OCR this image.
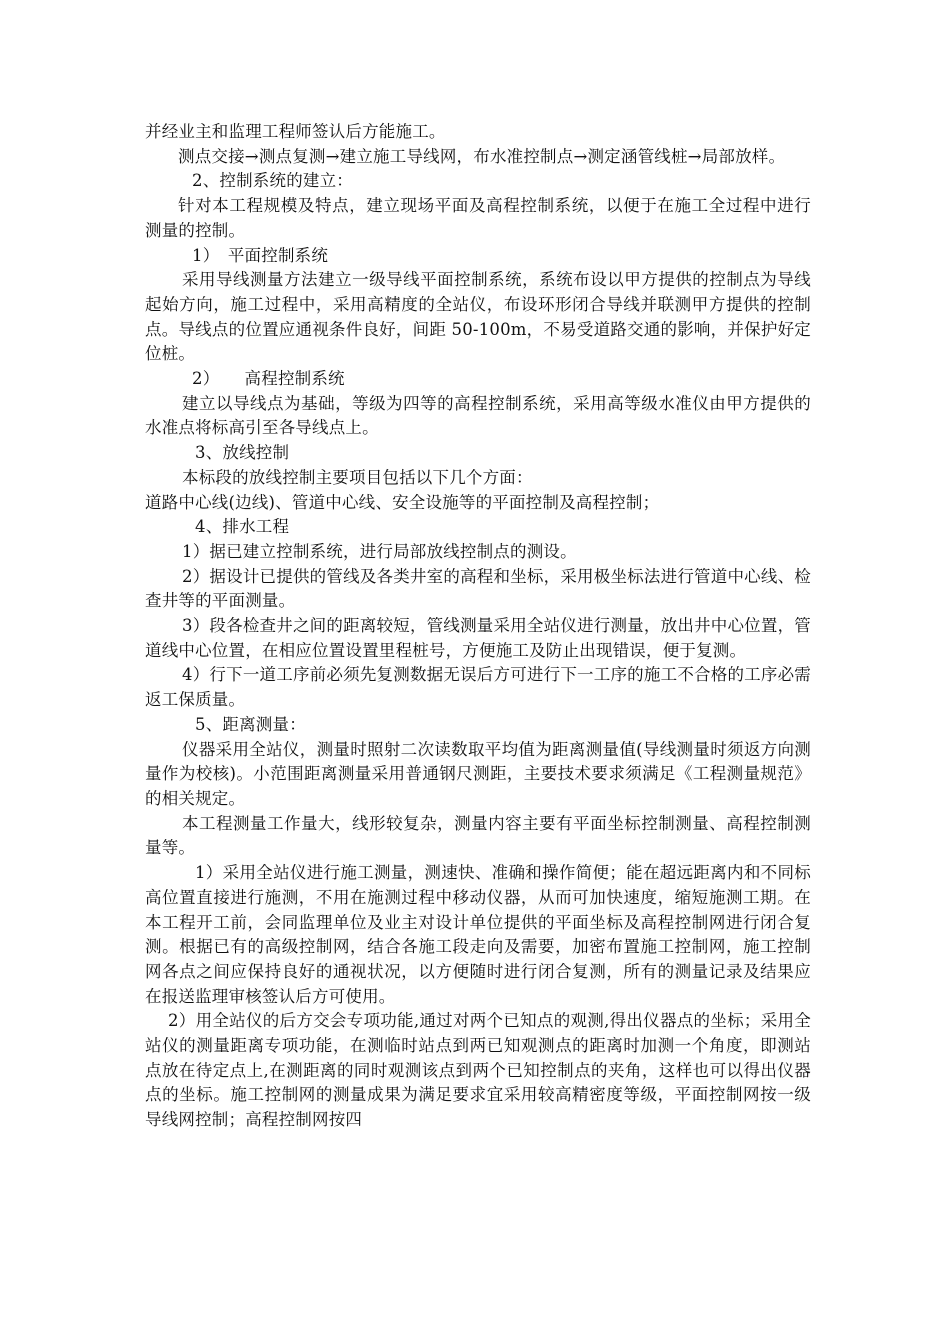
并经业主和监理工程师签认后方能施工。

测点交接→测点复测→建立施工导线网，布水准控制点→测定涵管线桩→局部放样。

2、控制系统的建立：

针对本工程规模及特点，建立现场平面及高程控制系统，以便于在施工全过程中进行测量的控制。

1）　平面控制系统

采用导线测量方法建立一级导线平面控制系统，系统布设以甲方提供的控制点为导线起始方向，施工过程中，采用高精度的全站仪，布设环形闭合导线并联测甲方提供的控制点。导线点的位置应通视条件良好，间距 50-100m，不易受道路交通的影响，并保护好定位桩。

2）　　高程控制系统

建立以导线点为基础，等级为四等的高程控制系统，采用高等级水准仪由甲方提供的水准点将标高引至各导线点上。

3、放线控制

本标段的放线控制主要项目包括以下几个方面：

道路中心线(边线)、管道中心线、安全设施等的平面控制及高程控制；

4、排水工程

1）据已建立控制系统，进行局部放线控制点的测设。

2）据设计已提供的管线及各类井室的高程和坐标，采用极坐标法进行管道中心线、检查井等的平面测量。

3）段各检查井之间的距离较短，管线测量采用全站仪进行测量，放出井中心位置，管道线中心位置，在相应位置设置里程桩号，方便施工及防止出现错误，便于复测。

4）行下一道工序前必须先复测数据无误后方可进行下一工序的施工不合格的工序必需返工保质量。

5、距离测量：

仪器采用全站仪，测量时照射二次读数取平均值为距离测量值(导线测量时须返方向测量作为校核)。小范围距离测量采用普通钢尺测距，主要技术要求须满足《工程测量规范》的相关规定。

本工程测量工作量大，线形较复杂，测量内容主要有平面坐标控制测量、高程控制测量等。

1）采用全站仪进行施工测量，测速快、准确和操作简便；能在超远距离内和不同标高位置直接进行施测，不用在施测过程中移动仪器，从而可加快速度，缩短施测工期。在本工程开工前，会同监理单位及业主对设计单位提供的平面坐标及高程控制网进行闭合复测。根据已有的高级控制网，结合各施工段走向及需要，加密布置施工控制网，施工控制网各点之间应保持良好的通视状况，以方便随时进行闭合复测，所有的测量记录及结果应在报送监理审核签认后方可使用。

2）用全站仪的后方交会专项功能,通过对两个已知点的观测,得出仪器点的坐标；采用全站仪的测量距离专项功能，在测临时站点到两已知观测点的距离时加测一个角度，即测站点放在待定点上,在测距离的同时观测该点到两个已知控制点的夹角，这样也可以得出仪器点的坐标。施工控制网的测量成果为满足要求宜采用较高精密度等级，平面控制网按一级导线网控制；高程控制网按四
